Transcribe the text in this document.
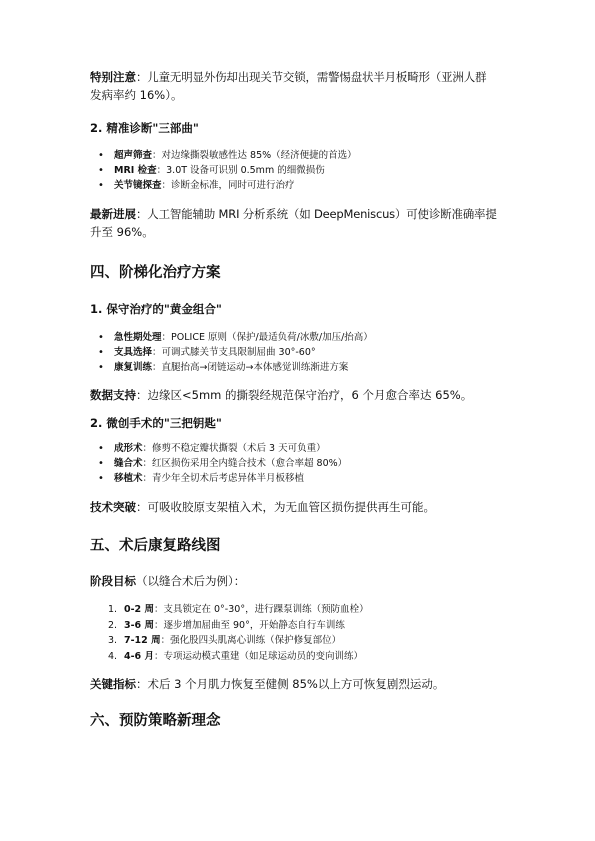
特别注意：儿童无明显外伤却出现关节交锁，需警惕盘状半月板畸形（亚洲人群
发病率约 16%）。

2. 精准诊断"三部曲"
• 超声筛查：对边缘撕裂敏感性达 85%（经济便捷的首选）
• MRI 检查：3.0T 设备可识别 0.5mm 的细微损伤
• 关节镜探查：诊断金标准，同时可进行治疗

最新进展：人工智能辅助 MRI 分析系统（如 DeepMeniscus）可使诊断准确率提
升至 96%。

四、阶梯化治疗方案
1. 保守治疗的"黄金组合"
• 急性期处理：POLICE 原则（保护/最适负荷/冰敷/加压/抬高）
• 支具选择：可调式膝关节支具限制屈曲 30°-60°
• 康复训练：直腿抬高→闭链运动→本体感觉训练渐进方案

数据支持：边缘区<5mm 的撕裂经规范保守治疗，6 个月愈合率达 65%。

2. 微创手术的"三把钥匙"
• 成形术：修剪不稳定瓣状撕裂（术后 3 天可负重）
• 缝合术：红区损伤采用全内缝合技术（愈合率超 80%）
• 移植术：青少年全切术后考虑异体半月板移植

技术突破：可吸收胶原支架植入术，为无血管区损伤提供再生可能。

五、术后康复路线图

阶段目标（以缝合术后为例）：

1. 0-2 周：支具锁定在 0°-30°，进行踝泵训练（预防血栓）
2. 3-6 周：逐步增加屈曲至 90°，开始静态自行车训练
3. 7-12 周：强化股四头肌离心训练（保护修复部位）
4. 4-6 月：专项运动模式重建（如足球运动员的变向训练）

关键指标：术后 3 个月肌力恢复至健侧 85%以上方可恢复剧烈运动。

六、预防策略新理念
